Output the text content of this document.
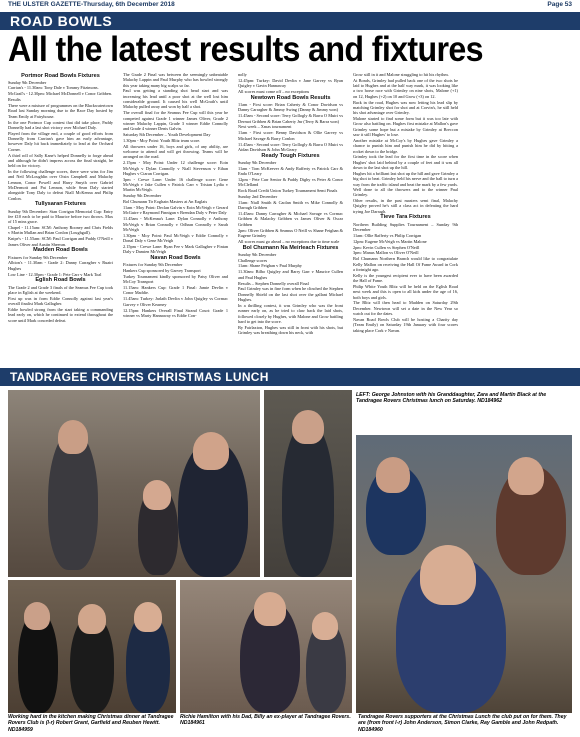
THE ULSTER GAZETTE-Thursday, 6th December 2018	Page 53
ROAD BOWLS
All the latest results and fixtures
Portmor Road Bowls Fixtures

Sunday 9th December

Carrian's - 11.30am: Tony Dale v Tommy Fitzimons.

McGrail's - 12.30pm: Michael McDonnell v Conor Gribben.

Results

There were a mixture of programmes on the Blackwatertown Road last Sunday morning due to the Race Day hosted by Team Emily at Fairyhouse.

In the one Portmor Cup contest that did take place, Paddy Donnelly had a last shot victory over Michael Daly.

Played from the village end, a couple of good efforts from Donnelly from Carrian's gave him an early advantage, however Daly hit back immediately to lead at the Orchard Corner.

A third roll of Sally Kane's helped Donnelly to forge ahead and although he didn't impress across the final straight, he held on for victory.

In the following challenge scores, there were wins for Jim and Neil McLoughlin over Oisin Campbell and Malachy Lennon, Conor Powell and Harry Smyth over Gabriel McDermott and Pat Lennon, while Sean Daly started alongside Tony Daly to defeat Niall McKenna and Philip Conlon.

Tullysaran Fixtures

Sunday 9th December: Stan Corrigan Memorial Cup: Entry fee £10 each to be paid to Maurice before two throws. Max of 15 mins grace.

Chapel - 11.15am: SCM: Anthony Rooney and Chris Fields v Martin Mullan and Brian Conlon (Loughgall).

Knipe's - 11.55am: SCM: Paul Corrigan and Paddy O'Neill v James Oliver and Austin Sheeran.

Madden Road Bowls

Fixtures for Sunday 9th December

Albion's - 11.30am - Grade 2: Danny Carragher v Ruairi Hughes

Low Line - 12.30pm - Grade 1: Pete Carr v Mark Toal

Eglish Road Bowls

The Grade 2 and Grade 3 finals of the Seamus Fee Cup took place in Eglish at the weekend.

First up was in form Eddie Connolly against last year's overall finalist Mark Gallagher.

Eddie bowled strong from the start taking a commanding lead early on, which he continued to extend throughout the score until Mark conceded defeat.

The Grade 2 Final was between the seemingly unbeatable Malachy Lappin and Paul Murphy who has bowled strongly this year taking many big scalps so far.

Paul was getting a standing shot head start and was increasing his lead until a poor shot at the well lost him considerable ground. It caused his well McGrath's until Malachy pulled away and won by half a shot.

The overall final for the Seamus Fee Cup will this year be competed against Grade 1 winner James Oliver, Grade 2 winner Malachy Lappin, Grade 3 winner Eddie Connolly and Grade 4 winner Denis Galvin.

Saturday 8th December – Youth Development Day

1.30pm - Moy Point: Youth Blitz team score.

All throwers under 16, boys and girls, of any ability, are welcome to attend and will get throwing. Teams will be arranged on the road.

2.15pm - Moy Point: Under 12 challenge score: Eoin McVeigh v Dylan Connolly v Niall Stevenson v Ethan Hughes v Ciaran Corrigan.

3pm - Crewe Lane: Under 16 challenge score: Gene McVeigh v Jake Cullen v Patrick Carr v Tristan Lydia v Martin McVeigh.

Sunday 9th December

Bol Chumann Tir Eoghain Masters at An Eaglais

11am - Moy Point: Declan Galvin v Eoin McVeigh v Gerard McGuire v Raymond Finnigan v Brendan Daly v Peter Daly

11.45am - McKenna's Lane: Dylan Connolly v Anthony McVeigh v Brian Connolly v Odhran Connolly v Sarah McVeigh

1.30pm - Moy Point: Paul McVeigh v Eddie Connolly v Donal Daly v Gene McVeigh

2.15pm - Crewe Lane: Ryan Fee v Mark Gallagher v Fintan Daly v Damien McVeigh

Navan Road Bowls

Fixtures for Sunday 9th December

Hankers Cup sponsored by Garvey Transport

Turkey Tournament kindly sponsored by Patsy Oliver and McCoy Transport

11.15am: Hankers Cup: Grade 1 Final: Jamie Devlin v Conor Maddie.

11.45am: Turkey: Jarlath Devlin v John Quigley vs Cormac Garvey v Oliver Kearney

12.15pm: Hankers Overall Final Strand Court: Grade 1 winner vs Marty Hannaway vs Eddie Con-

nolly

12.45pm: Turkey: David Devlin v Jane Garvey vs Ryan Quigley v Gavin Hannaway

All scores must come off – no exceptions

Newtown Road Bowls Results

11am - First score: Brian Caherty & Conor Davidson vs Danny Carragher & Jimmy Swing (Danny & Jimmy won)

11.45am - Second score: Terry Gollogly & Barra O Muiri vs Dermot Gribben & Brian Caherty Jnr (Terry & Barra won)

Next week – Xmas tournament

11am - First score: Benny Davidson & Ollie Garvey vs Michael Savage & Barry Conlon

11.45am - Second score: Terry Gollogly & Barra O Muiri vs Aidan Davidson & John McGeary

Ready Tough Fixtures

Sunday 9th December

11am - Tom McKeever & Andy Rafferty vs Patrick Carr & Enda O'Leary

12pm - Pete Carr Senior & Paddy Digby vs Peter & Conor McClelland

Rock Road Credit Union Turkey Tournament Semi Finals

Sunday 2nd December

11am: Niall Smith & Caolan Smith vs Mike Connolly & Darragh Gribben

11.45am: Danny Carragher & Michael Savage vs Cormac Gribben & Malachy Gribben vs James Oliver & Oscar Gribben

2pm: Oliver Gribben & Seamus O Neill vs Shane Feighan & Eugene Grimley

All scores must go ahead – no exceptions due to time scale

Bol Chumann Na Meirleach Fixtures

Sunday 9th December

Challenge scores

11am: Shane Feighan v Paul Murphy

11.30am: Bilbo Quigley and Barry Garr v Maurice Cullen and Paul Hughes

Results – Stephen Donnelly overall Final

Paul Grimley was in fine form when he clinched the Stephen Donnelly Shield on the last shot over the gallant Michael Hughes.

In a thrilling contest, it was Grimley who was the front runner early on, as he tried to claw back the laid shots, followed closely by Hughes, with Malone and Grow battling hard to get into the score.

By Fairlaxton, Hughes was still in front with his shots, but Grimley was breathing down his neck, with

Grow still in it and Malone struggling to hit his rhythm.

At Bonds, Grimley had pulled back one of the two shots he laid to Hughes and at the half way mark, it was looking like a two horse race with Grimley on nine shots, Malone (+1) on 12, Hughes (+2) on 10 and Grow (+3) on 12.

Back in the road, Hughes was now letting his lead slip by matching Grimley shot for shot and at Corvin's, he still held his shot advantage over Grimley.

Malone started to find some form but it was too late with Grow also battling on. Hughes first mistake at Mallon's gave Grimley some hope but a mistake by Grimley at Breccon saw it still Hughes' to lose.

Another mistake at McCoy's by Hughes gave Grimley a chance to punish him and punish him he did by hitting a rocket down to the bridge.

Grimley took the lead for the first time in the score when Hughes' shot laid behind by a couple of feet and it was all down to the last shot up the hill.

Hughes hit a brilliant last shot up the hill and gave Grimley a big shot to beat. Grimley held his nerve and the ball to turn a way from the traffic island and beat the mark by a few yards. Well done to all the throwers and to the winner Paul Grimley.

Other results, in the past masters semi final, Malachy Quigley proved he's still a class act in defeating the hard trying Joe Darragh.

Tieve Tara Fixtures

Northern Building Supplies Tournament – Sunday 9th December

11am: Ollie Rafferty vs Philip Corrigan

12pm: Eugene McVeigh vs Martin Malone

2pm: Kevin Cullen vs Stephen O'Neill

3pm: Manus Mallon vs Oliver O'Neill

Bol Chumann Northern Branch would like to congratulate Kelly Mallon on receiving the Hall Of Fame Award in Cork a fortnight ago.

Kelly is the youngest recipient ever to have been awarded the Hall of Fame.

Philip White Youth Blitz will be held on the Eglish Road next week and this is open to all kids under the age of 16, both boys and girls.

The Blitz will then head to Madden on Saturday 29th December. Newtown will set a date in the New Year so watch out for the dates.

Navan Road Bowls Club will be hosting a Charity day (Team Emily) on Saturday 19th January with four scores taking place Cork v Navan.

TANDRAGEE ROVERS CHRISTMAS LUNCH
LEFT: George Johnston with his Granddaughter, Zara and Martin Black at the Tandragee Rovers Christmas lunch on Saturday. ND184962
Working hard in the kitchen making Christmas dinner at Tandragee Rovers Club is (l-r) Robert Grant, Garfield and Reuben Hewitt. ND184959
Richie Hamilton with his Dad, Billy an ex-player at Tandragee Rovers. ND184961
Tandragee Rovers supporters at the Christmas Lunch the club put on for them. They are (from front l-r) John Anderson, Simon Clarke, Ray Gamble and John Redpath. ND184960
